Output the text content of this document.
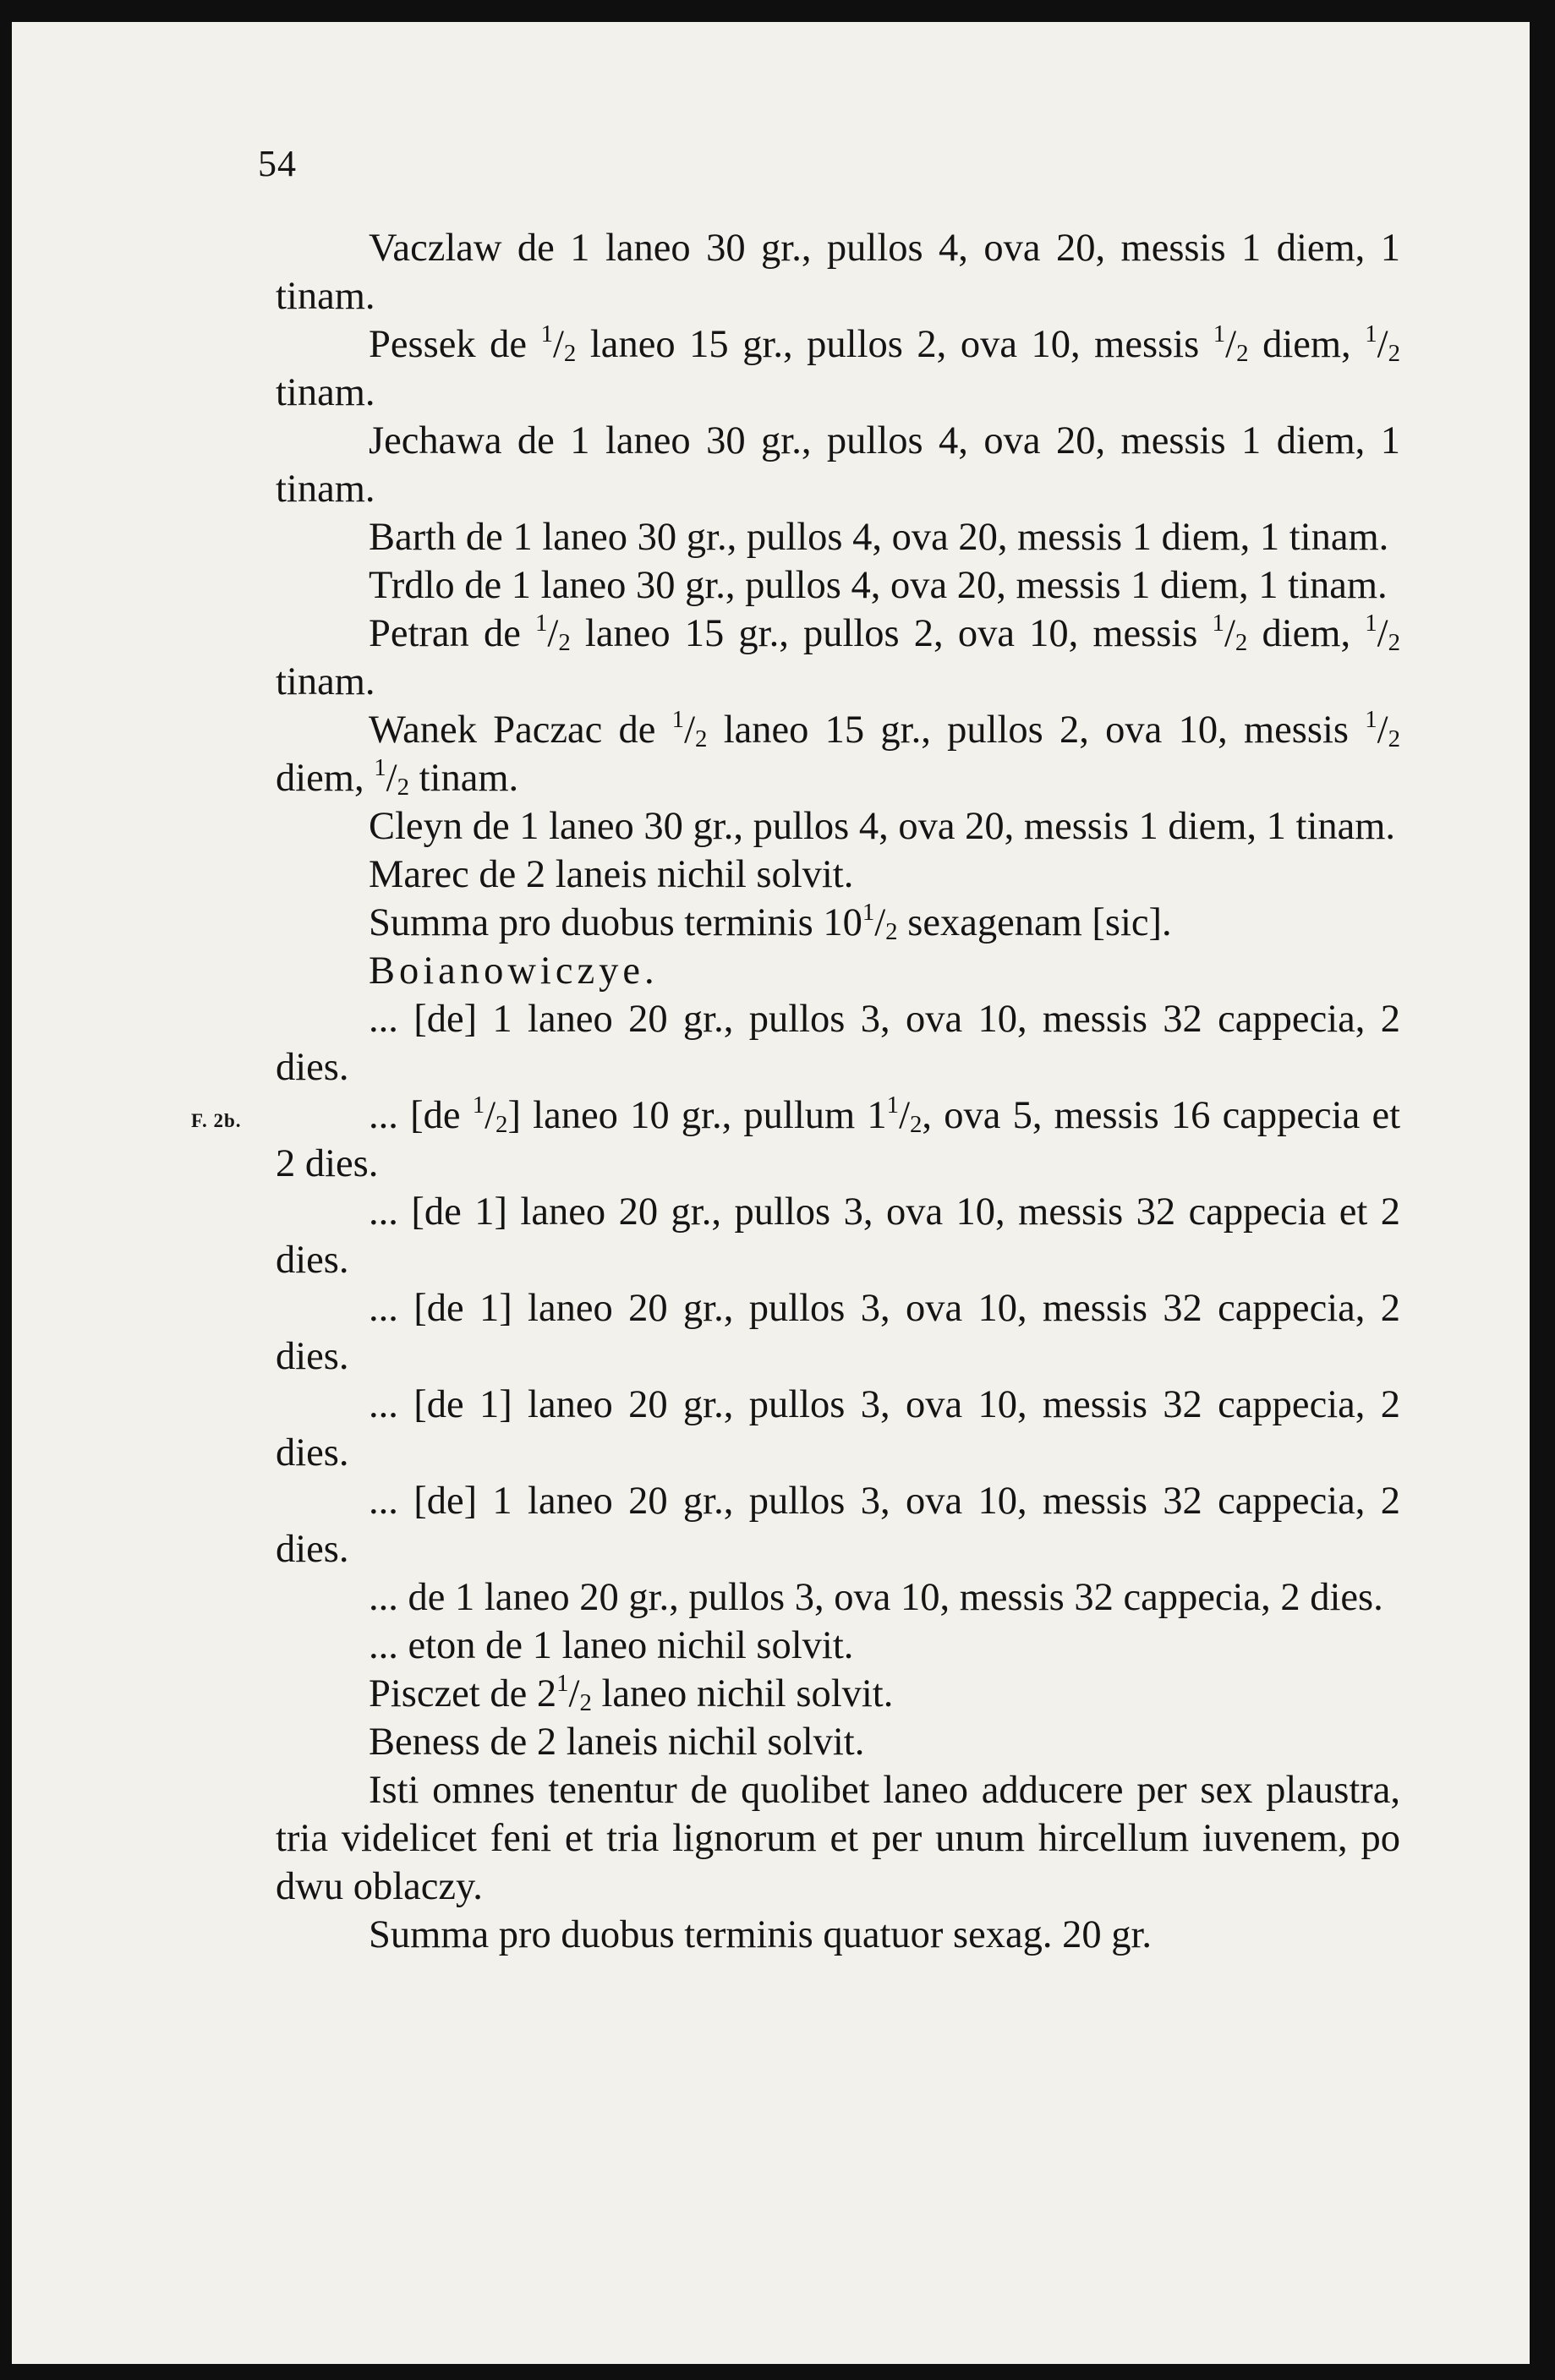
54
F. 2b.

Vaczlaw de 1 laneo 30 gr., pullos 4, ova 20, messis 1 diem, 1 tinam.

Pessek de $^1/_2$ laneo 15 gr., pullos 2, ova 10, messis $^1/_2$ diem, $^1/_2$ tinam.

Jechawa de 1 laneo 30 gr., pullos 4, ova 20, messis 1 diem, 1 tinam.

Barth de 1 laneo 30 gr., pullos 4, ova 20, messis 1 diem, 1 tinam.

Trdlo de 1 laneo 30 gr., pullos 4, ova 20, messis 1 diem, 1 tinam.

Petran de $^1/_2$ laneo 15 gr., pullos 2, ova 10, messis $^1/_2$ diem, $^1/_2$ tinam.

Wanek Paczac de $^1/_2$ laneo 15 gr., pullos 2, ova 10, messis $^1/_2$ diem, $^1/_2$ tinam.

Cleyn de 1 laneo 30 gr., pullos 4, ova 20, messis 1 diem, 1 tinam.

Marec de 2 laneis nichil solvit.

Summa pro duobus terminis $10^1/_2$ sexagenam [sic].

Boianowiczye.

... [de] 1 laneo 20 gr., pullos 3, ova 10, messis 32 cappecia, 2 dies.

... [de $^1/_2$] laneo 10 gr., pullum $1^1/_2$, ova 5, messis 16 cappecia et 2 dies.

... [de 1] laneo 20 gr., pullos 3, ova 10, messis 32 cappecia et 2 dies.

... [de 1] laneo 20 gr., pullos 3, ova 10, messis 32 cappecia, 2 dies.

... [de 1] laneo 20 gr., pullos 3, ova 10, messis 32 cappecia, 2 dies.

... [de] 1 laneo 20 gr., pullos 3, ova 10, messis 32 cappecia, 2 dies.

... de 1 laneo 20 gr., pullos 3, ova 10, messis 32 cappecia, 2 dies.

... eton de 1 laneo nichil solvit.

Pisczet de $2^1/_2$ laneo nichil solvit.

Beness de 2 laneis nichil solvit.

Isti omnes tenentur de quolibet laneo adducere per sex plaustra, tria videlicet feni et tria lignorum et per unum hircellum iuvenem, po dwu oblaczy.

Summa pro duobus terminis quatuor sexag. 20 gr.
